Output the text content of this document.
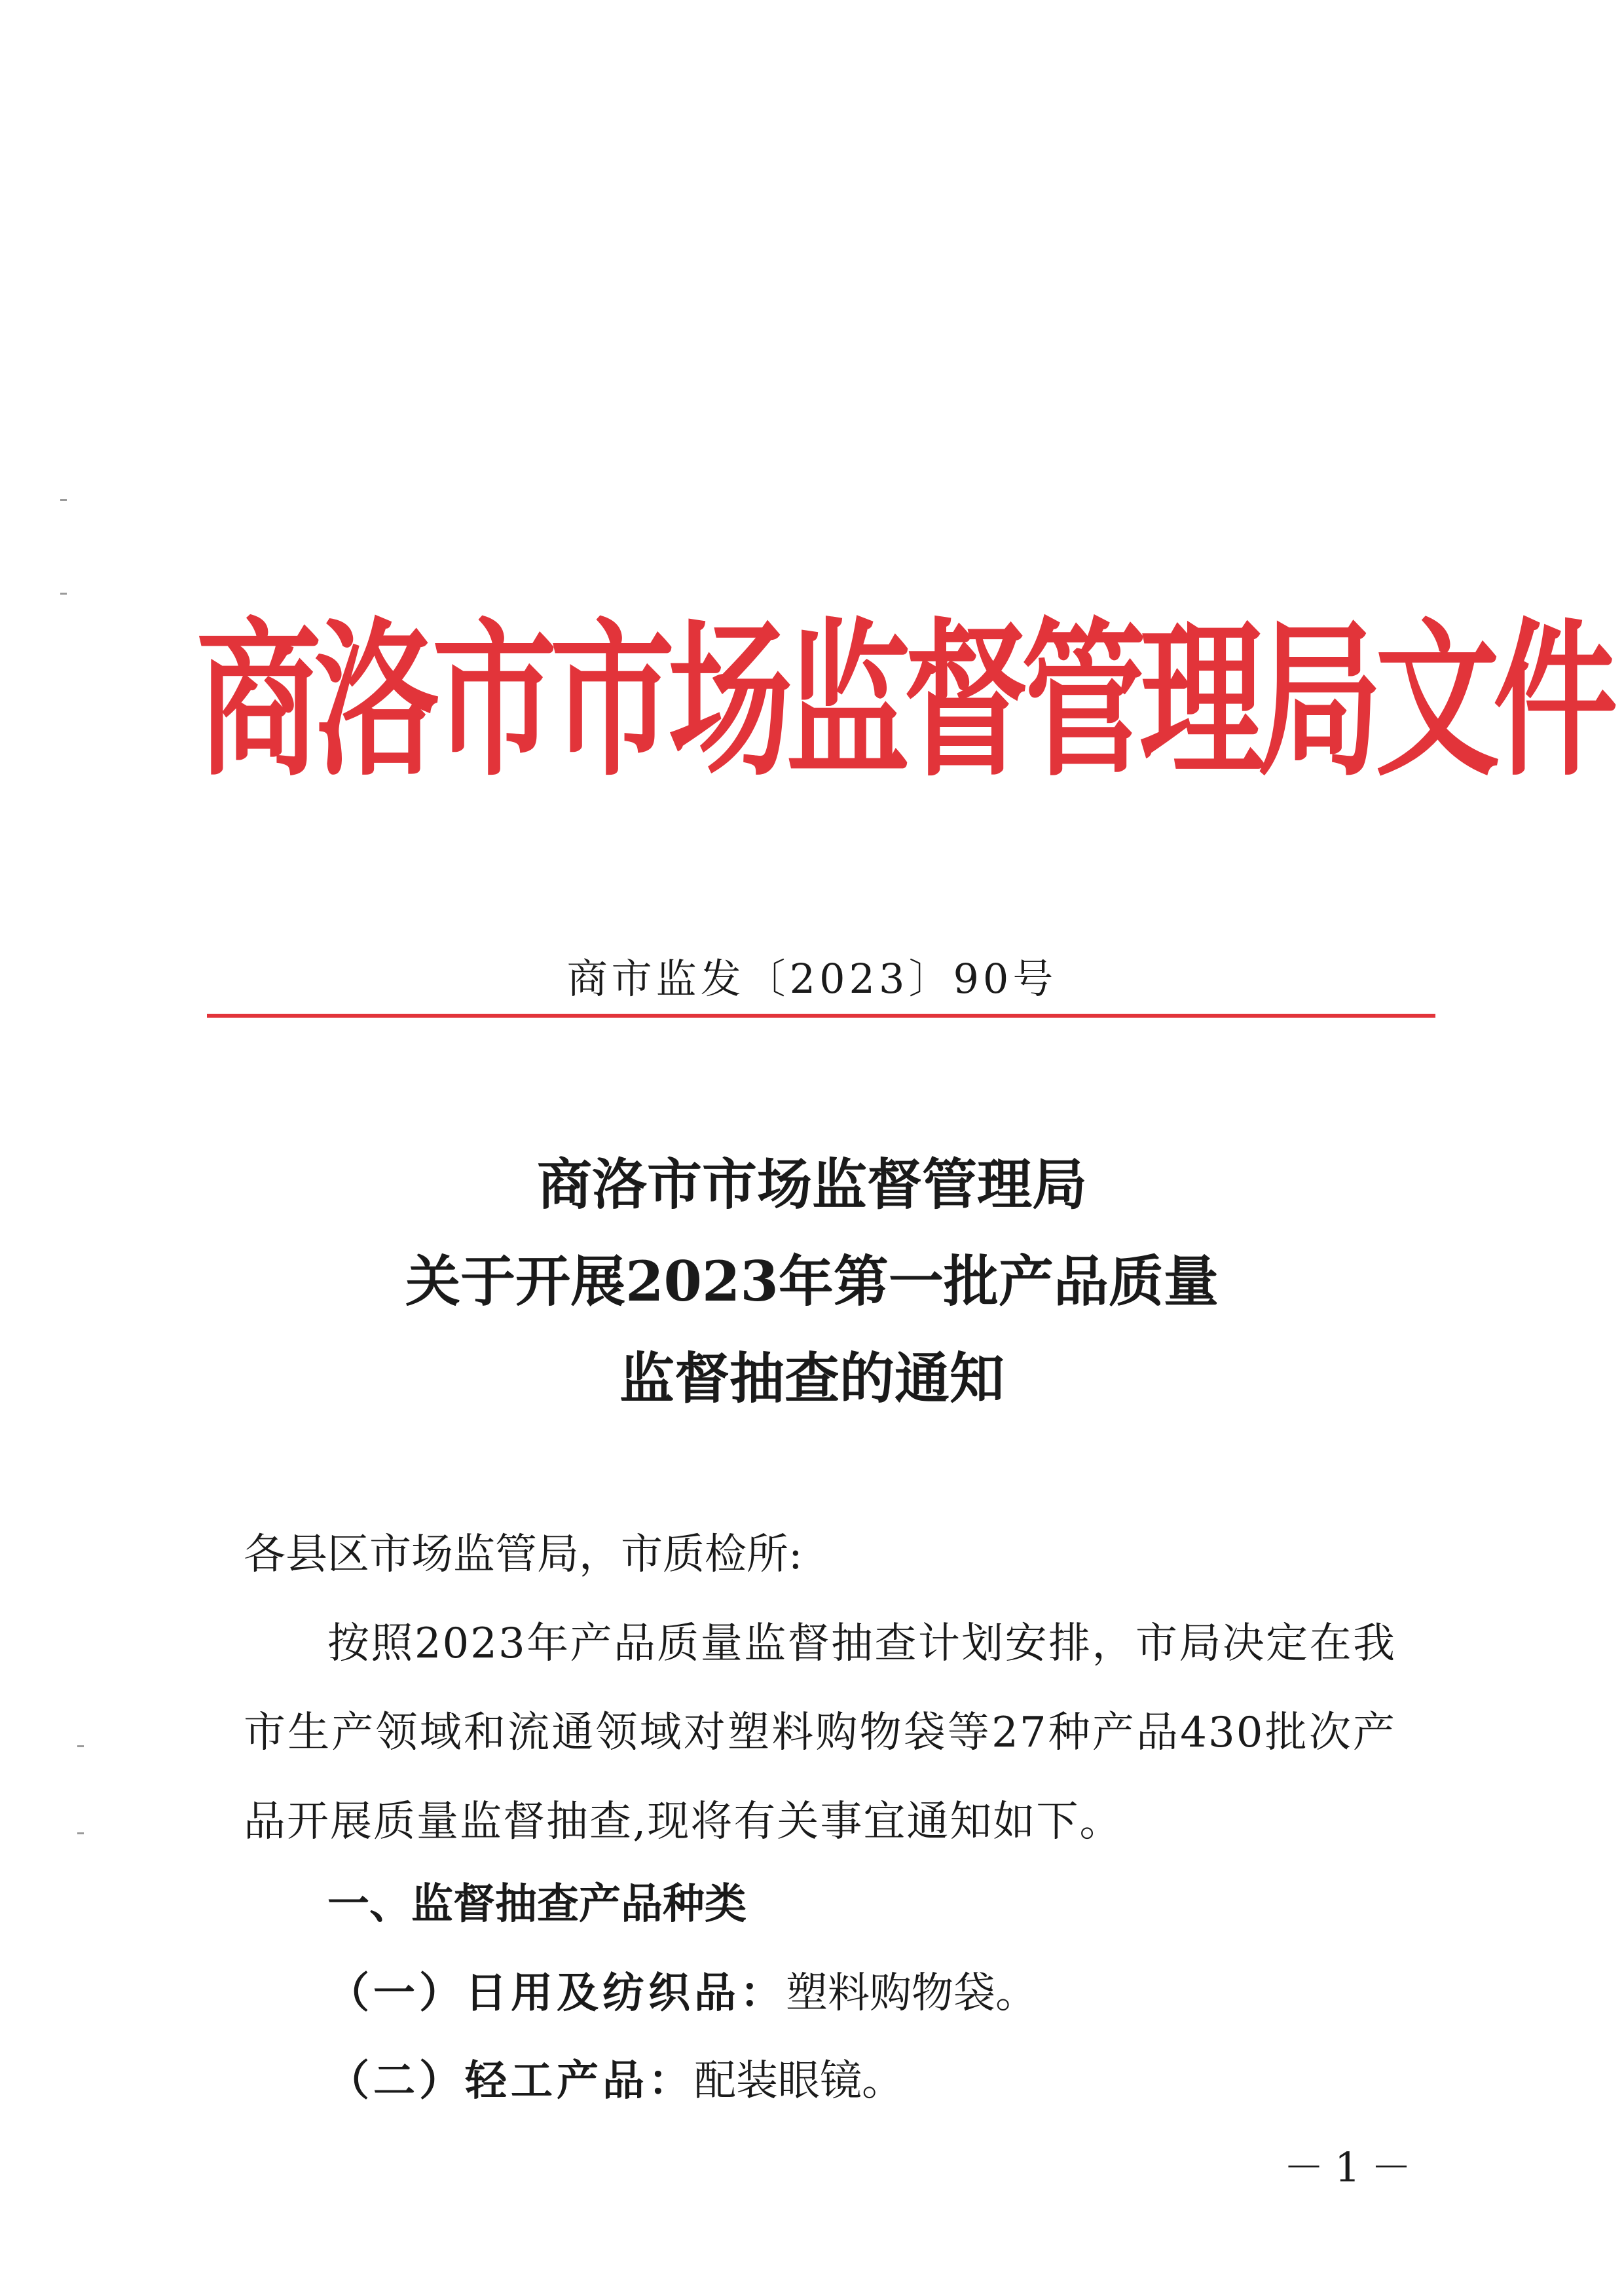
商 洛 市 市 场 监 督 管 理 局 文 件
商市监发〔2023〕90号
商洛市市场监督管理局
关于开展2023年第一批产品质量
监督抽查的通知
各县区市场监管局，市质检所:
按照2023年产品质量监督抽查计划安排，市局决定在我市生产领域和流通领域对塑料购物袋等27种产品430批次产品开展质量监督抽查,现将有关事宜通知如下。
一、监督抽查产品种类
（一）日用及纺织品：塑料购物袋。
（二）轻工产品：配装眼镜。
－1－
